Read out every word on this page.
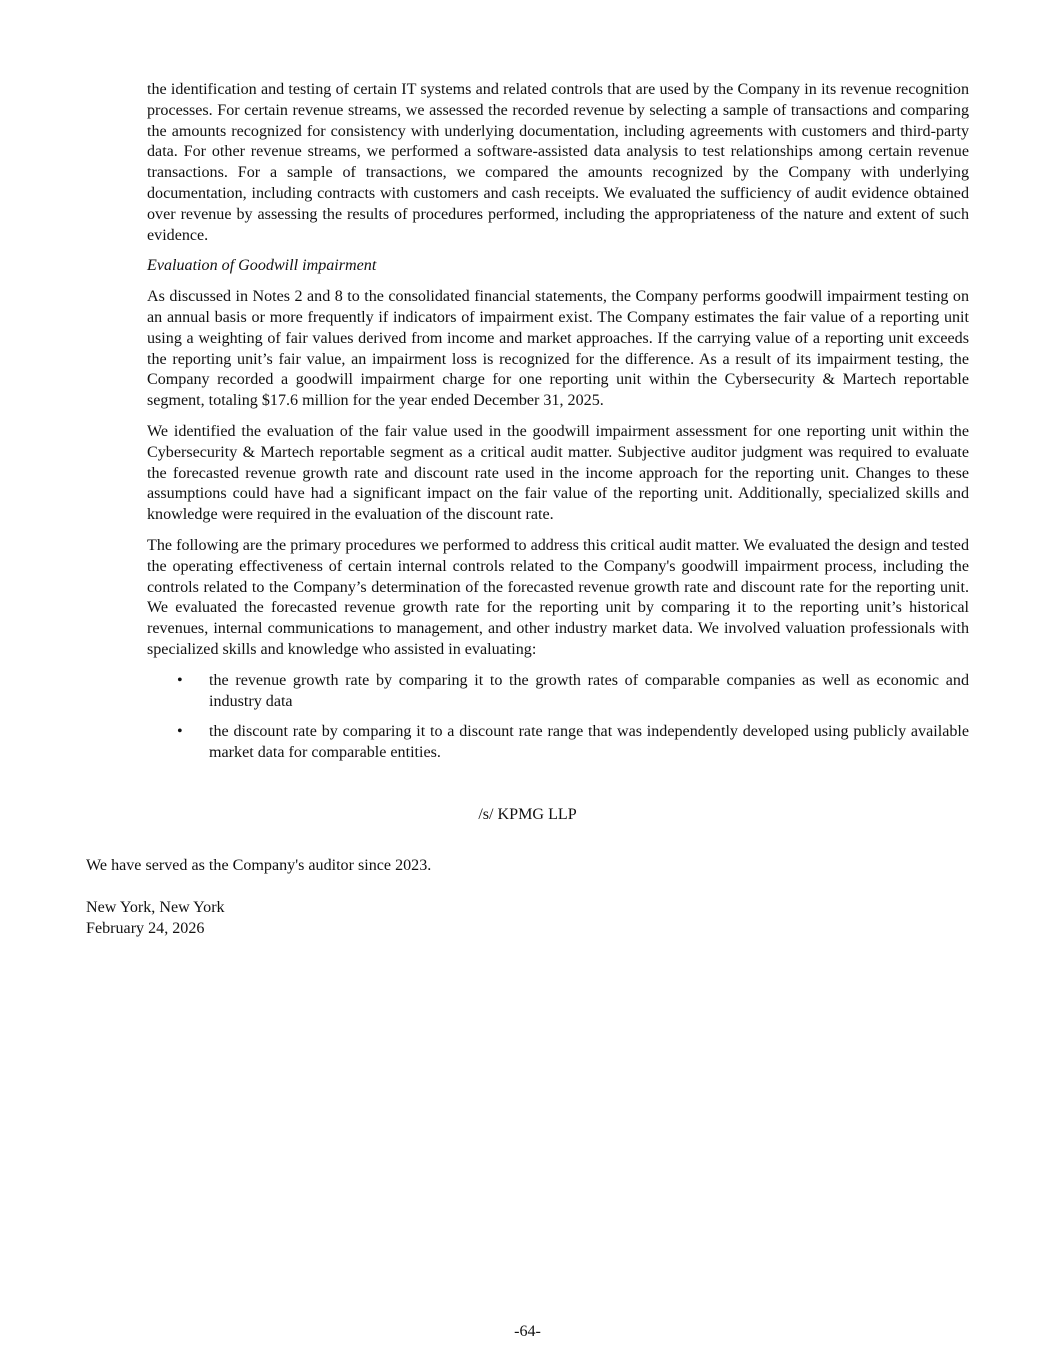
the identification and testing of certain IT systems and related controls that are used by the Company in its revenue recognition processes. For certain revenue streams, we assessed the recorded revenue by selecting a sample of transactions and comparing the amounts recognized for consistency with underlying documentation, including agreements with customers and third-party data. For other revenue streams, we performed a software-assisted data analysis to test relationships among certain revenue transactions. For a sample of transactions, we compared the amounts recognized by the Company with underlying documentation, including contracts with customers and cash receipts. We evaluated the sufficiency of audit evidence obtained over revenue by assessing the results of procedures performed, including the appropriateness of the nature and extent of such evidence.

Evaluation of Goodwill impairment

As discussed in Notes 2 and 8 to the consolidated financial statements, the Company performs goodwill impairment testing on an annual basis or more frequently if indicators of impairment exist. The Company estimates the fair value of a reporting unit using a weighting of fair values derived from income and market approaches. If the carrying value of a reporting unit exceeds the reporting unit’s fair value, an impairment loss is recognized for the difference. As a result of its impairment testing, the Company recorded a goodwill impairment charge for one reporting unit within the Cybersecurity & Martech reportable segment, totaling $17.6 million for the year ended December 31, 2025.

We identified the evaluation of the fair value used in the goodwill impairment assessment for one reporting unit within the Cybersecurity & Martech reportable segment as a critical audit matter. Subjective auditor judgment was required to evaluate the forecasted revenue growth rate and discount rate used in the income approach for the reporting unit. Changes to these assumptions could have had a significant impact on the fair value of the reporting unit. Additionally, specialized skills and knowledge were required in the evaluation of the discount rate.

The following are the primary procedures we performed to address this critical audit matter. We evaluated the design and tested the operating effectiveness of certain internal controls related to the Company's goodwill impairment process, including the controls related to the Company’s determination of the forecasted revenue growth rate and discount rate for the reporting unit. We evaluated the forecasted revenue growth rate for the reporting unit by comparing it to the reporting unit’s historical revenues, internal communications to management, and other industry market data. We involved valuation professionals with specialized skills and knowledge who assisted in evaluating:

• the revenue growth rate by comparing it to the growth rates of comparable companies as well as economic and industry data
• the discount rate by comparing it to a discount rate range that was independently developed using publicly available market data for comparable entities.
/s/ KPMG LLP

We have served as the Company's auditor since 2023.

New York, New York

February 24, 2026

-64-
